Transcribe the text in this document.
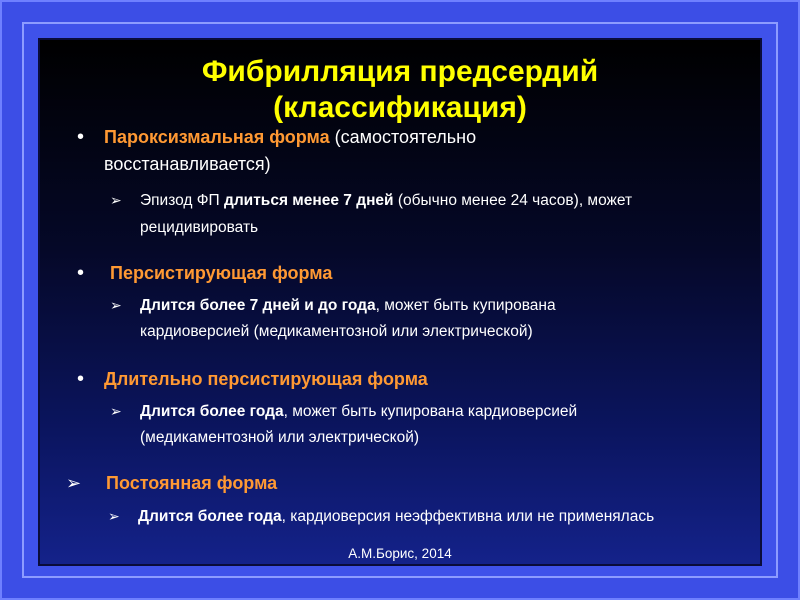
Фибрилляция предсердий
(классификация)
• Пароксизмальная форма (самостоятельно
восстанавливается)
➢ Эпизод ФП длиться менее 7 дней (обычно менее 24 часов), может
рецидивировать
• Персистирующая форма
➢ Длится более 7 дней и до года, может быть купирована
кардиоверсией (медикаментозной или электрической)
• Длительно персистирующая форма
➢ Длится более года, может быть купирована кардиоверсией
(медикаментозной или электрической)
➢ Постоянная форма
➢ Длится более года, кардиоверсия неэффективна или не применялась
А.М.Борис, 2014
